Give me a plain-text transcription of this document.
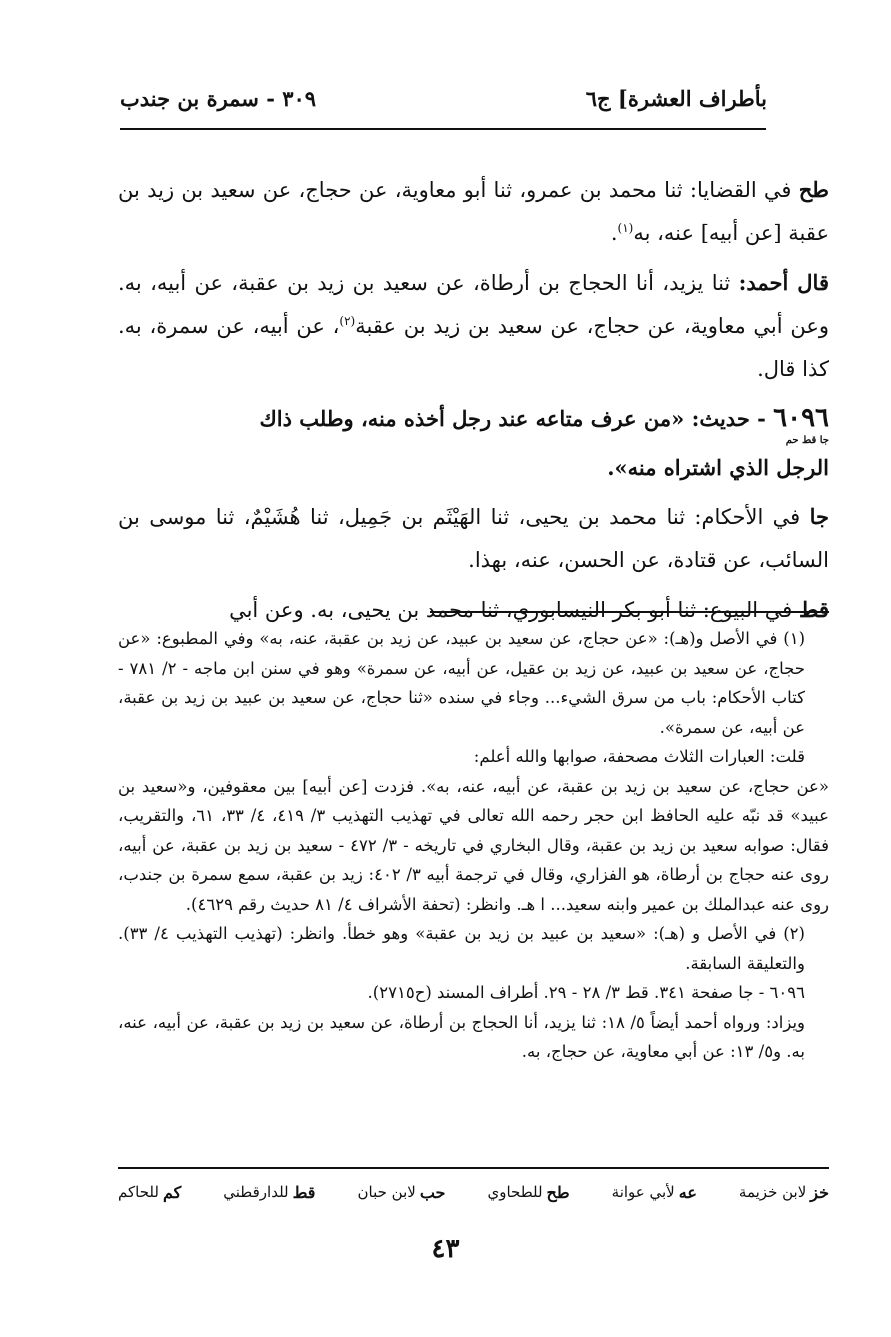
بأطراف العشرة] ج٦
٣٠٩ - سمرة بن جندب

طح في القضايا: ثنا محمد بن عمرو، ثنا أبو معاوية، عن حجاج، عن سعيد بن زيد بن عقبة [عن أبيه] عنه، به$^{(١)}$.

قال أحمد: ثنا يزيد، أنا الحجاج بن أرطاة، عن سعيد بن زيد بن عقبة، عن أبيه، به. وعن أبي معاوية، عن حجاج، عن سعيد بن زيد بن عقبة$^{(٢)}$، عن أبيه، عن سمرة، به. كذا قال.

٦٠٩٦ - حديث: «من عرف متاعه عند رجل أخذه منه، وطلب ذاك
جا قط حم
الرجل الذي اشتراه منه».

جا في الأحكام: ثنا محمد بن يحيى، ثنا الهَيْثَم بن جَمِيل، ثنا هُشَيْمٌ، ثنا موسى بن السائب، عن قتادة، عن الحسن، عنه، بهذا.

قط في البيوع: ثنا أبو بكر النيسابوري، ثنا محمد بن يحيى، به. وعن أبي

(١) في الأصل و(هـ): «عن حجاج، عن سعيد بن عبيد، عن زيد بن عقبة، عنه، به» وفي المطبوع: «عن حجاج، عن سعيد بن عبيد، عن زيد بن عقيل، عن أبيه، عن سمرة» وهو في سنن ابن ماجه - ٢/ ٧٨١ - كتاب الأحكام: باب من سرق الشيء... وجاء في سنده «ثنا حجاج، عن سعيد بن عبيد بن زيد بن عقبة، عن أبيه، عن سمرة».

قلت: العبارات الثلاث مصحفة، صوابها والله أعلم:

«عن حجاج، عن سعيد بن زيد بن عقبة، عن أبيه، عنه، به». فزدت [عن أبيه] بين معقوفين، و«سعيد بن عبيد» قد نبّه عليه الحافظ ابن حجر رحمه الله تعالى في تهذيب التهذيب ٣/ ٤١٩، ٤/ ٣٣، ٦١، والتقريب، فقال: صوابه سعيد بن زيد بن عقبة، وقال البخاري في تاريخه - ٣/ ٤٧٢ - سعيد بن زيد بن عقبة، عن أبيه، روى عنه حجاج بن أرطاة، هو الفزاري، وقال في ترجمة أبيه ٣/ ٤٠٢: زيد بن عقبة، سمع سمرة بن جندب، روى عنه عبدالملك بن عمير وابنه سعيد... ا هـ. وانظر: (تحفة الأشراف ٤/ ٨١ حديث رقم ٤٦٢٩).

(٢) في الأصل و (هـ): «سعيد بن عبيد بن زيد بن عقبة» وهو خطأ. وانظر: (تهذيب التهذيب ٤/ ٣٣). والتعليقة السابقة.

٦٠٩٦ - جا صفحة ٣٤١. قط ٣/ ٢٨ - ٢٩. أطراف المسند (ح٢٧١٥).

ويزاد: ورواه أحمد أيضاً ٥/ ١٨: ثنا يزيد، أنا الحجاج بن أرطاة، عن سعيد بن زيد بن عقبة، عن أبيه، عنه، به. و٥/ ١٣: عن أبي معاوية، عن حجاج، به.

خز
لابن خزيمة
عه
لأبي عوانة
طح
للطحاوي
حب
لابن حبان
قط
للدارقطني
كم
للحاكم
٤٣
